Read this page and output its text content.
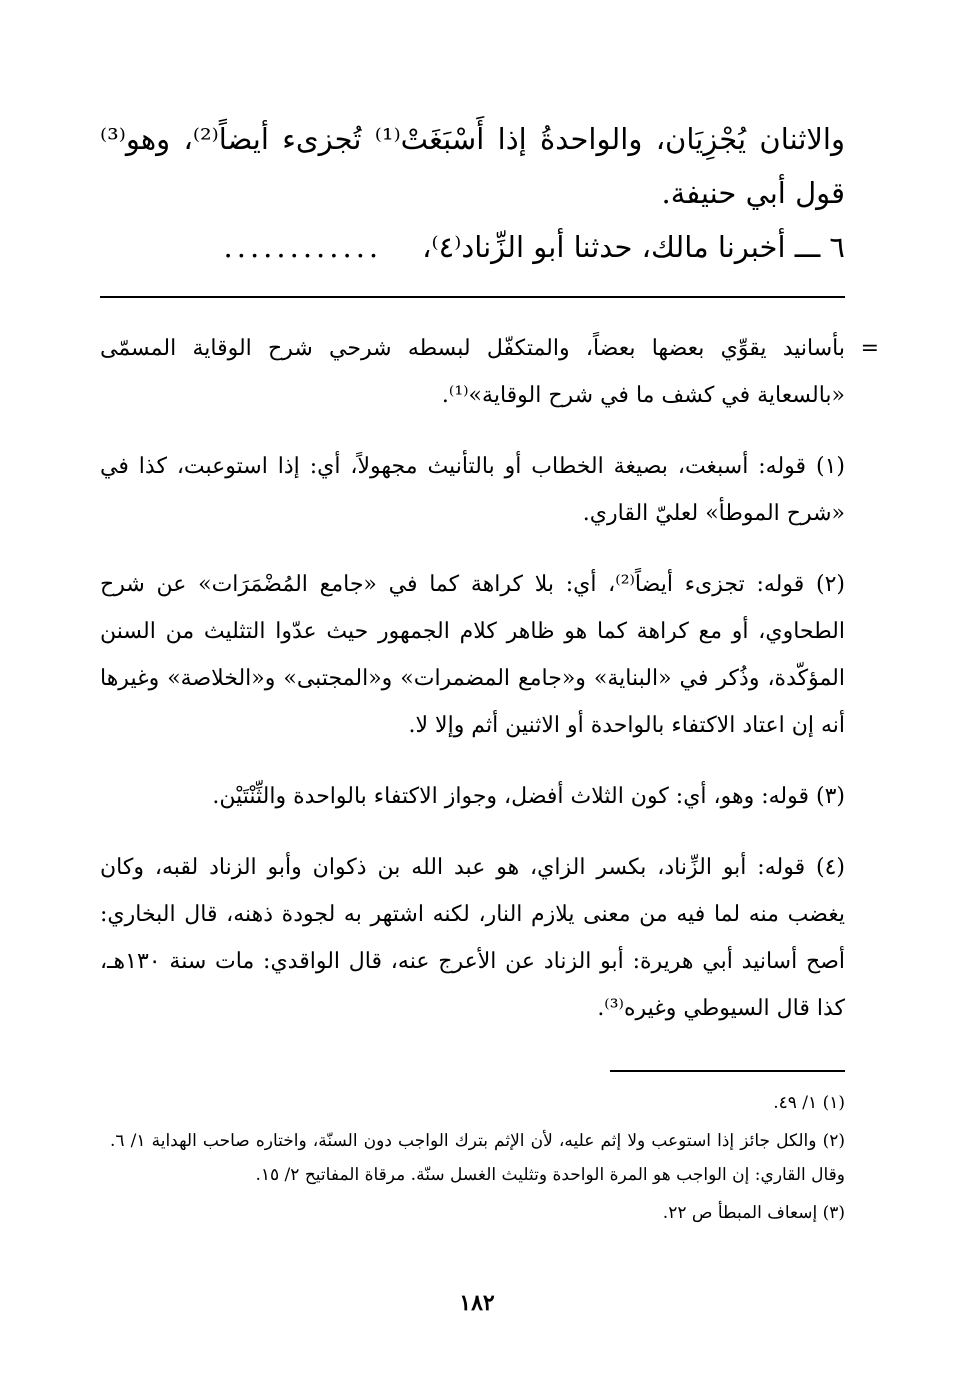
والاثنان يُجْزِيَان، والواحدةُ إذا أَسْبَغَتْ⁽¹⁾ تُجزىء أيضاً⁽²⁾، وهو⁽³⁾ قول أبي حنيفة.

٦ ـــ أخبرنا مالك، حدثنا أبو الزِّناد⁽٤⁾،............

=
بأسانيد يقوِّي بعضها بعضاً، والمتكفّل لبسطه شرحي شرح الوقاية المسمّى «بالسعاية في كشف ما في شرح الوقاية»⁽¹⁾.

(١) قوله: أسبغت، بصيغة الخطاب أو بالتأنيث مجهولاً، أي: إذا استوعبت، كذا في «شرح الموطأ» لعليّ القاري.

(٢) قوله: تجزىء أيضاً⁽²⁾، أي: بلا كراهة كما في «جامع المُضْمَرَات» عن شرح الطحاوي، أو مع كراهة كما هو ظاهر كلام الجمهور حيث عدّوا التثليث من السنن المؤكّدة، وذُكر في «البناية» و«جامع المضمرات» و«المجتبى» و«الخلاصة» وغيرها أنه إن اعتاد الاكتفاء بالواحدة أو الاثنين أثم وإلا لا.

(٣) قوله: وهو، أي: كون الثلاث أفضل، وجواز الاكتفاء بالواحدة والثِّنْتَيْن.

(٤) قوله: أبو الزِّناد، بكسر الزاي، هو عبد الله بن ذكوان وأبو الزناد لقبه، وكان يغضب منه لما فيه من معنى يلازم النار، لكنه اشتهر به لجودة ذهنه، قال البخاري: أصح أسانيد أبي هريرة: أبو الزناد عن الأعرج عنه، قال الواقدي: مات سنة ١٣٠هـ، كذا قال السيوطي وغيره⁽³⁾.

(١) ١/ ٤٩.

(٢) والكل جائز إذا استوعب ولا إثم عليه، لأن الإثم بترك الواجب دون السنّة، واختاره صاحب الهداية ١/ ٦. وقال القاري: إن الواجب هو المرة الواحدة وتثليث الغسل سنّة. مرقاة المفاتيح ٢/ ١٥.

(٣) إسعاف المبطأ ص ٢٢.

١٨٢
